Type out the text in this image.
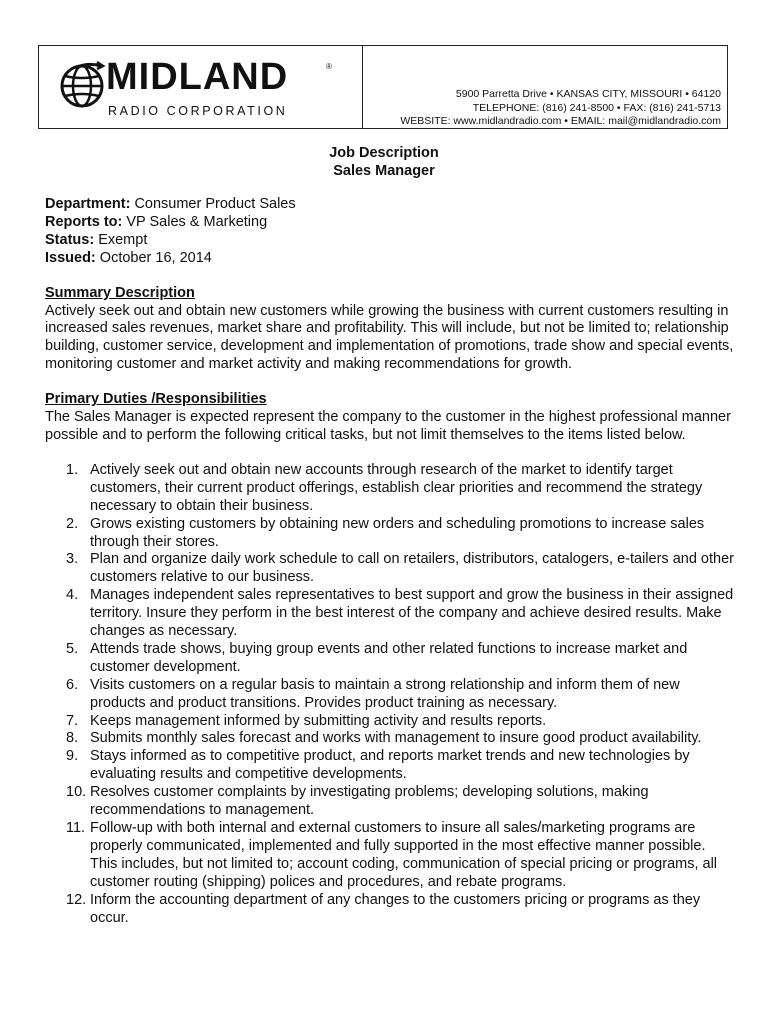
MIDLAND	®
RADIO CORPORATION
5900 Parretta Drive • KANSAS CITY, MISSOURI • 64120
TELEPHONE: (816) 241-8500 • FAX: (816) 241-5713
WEBSITE: www.midlandradio.com • EMAIL: mail@midlandradio.com
Job Description
Sales Manager
Department: Consumer Product Sales
Reports to: VP Sales & Marketing
Status: Exempt
Issued: October 16, 2014
Summary Description

Actively seek out and obtain new customers while growing the business with current customers resulting in increased sales revenues, market share and profitability. This will include, but not be limited to; relationship building, customer service, development and implementation of promotions, trade show and special events, monitoring customer and market activity and making recommendations for growth.

Primary Duties /Responsibilities

The Sales Manager is expected represent the company to the customer in the highest professional manner possible and to perform the following critical tasks, but not limit themselves to the items listed below.

1. Actively seek out and obtain new accounts through research of the market to identify target customers, their current product offerings, establish clear priorities and recommend the strategy necessary to obtain their business.
2. Grows existing customers by obtaining new orders and scheduling promotions to increase sales through their stores.
3. Plan and organize daily work schedule to call on retailers, distributors, catalogers, e-tailers and other customers relative to our business.
4. Manages independent sales representatives to best support and grow the business in their assigned territory. Insure they perform in the best interest of the company and achieve desired results. Make changes as necessary.
5. Attends trade shows, buying group events and other related functions to increase market and customer development.
6. Visits customers on a regular basis to maintain a strong relationship and inform them of new products and product transitions. Provides product training as necessary.
7. Keeps management informed by submitting activity and results reports.
8. Submits monthly sales forecast and works with management to insure good product availability.
9. Stays informed as to competitive product, and reports market trends and new technologies by evaluating results and competitive developments.
10. Resolves customer complaints by investigating problems; developing solutions, making recommendations to management.
11. Follow-up with both internal and external customers to insure all sales/marketing programs are properly communicated, implemented and fully supported in the most effective manner possible. This includes, but not limited to; account coding, communication of special pricing or programs, all customer routing (shipping) polices and procedures, and rebate programs.
12. Inform the accounting department of any changes to the customers pricing or programs as they occur.
